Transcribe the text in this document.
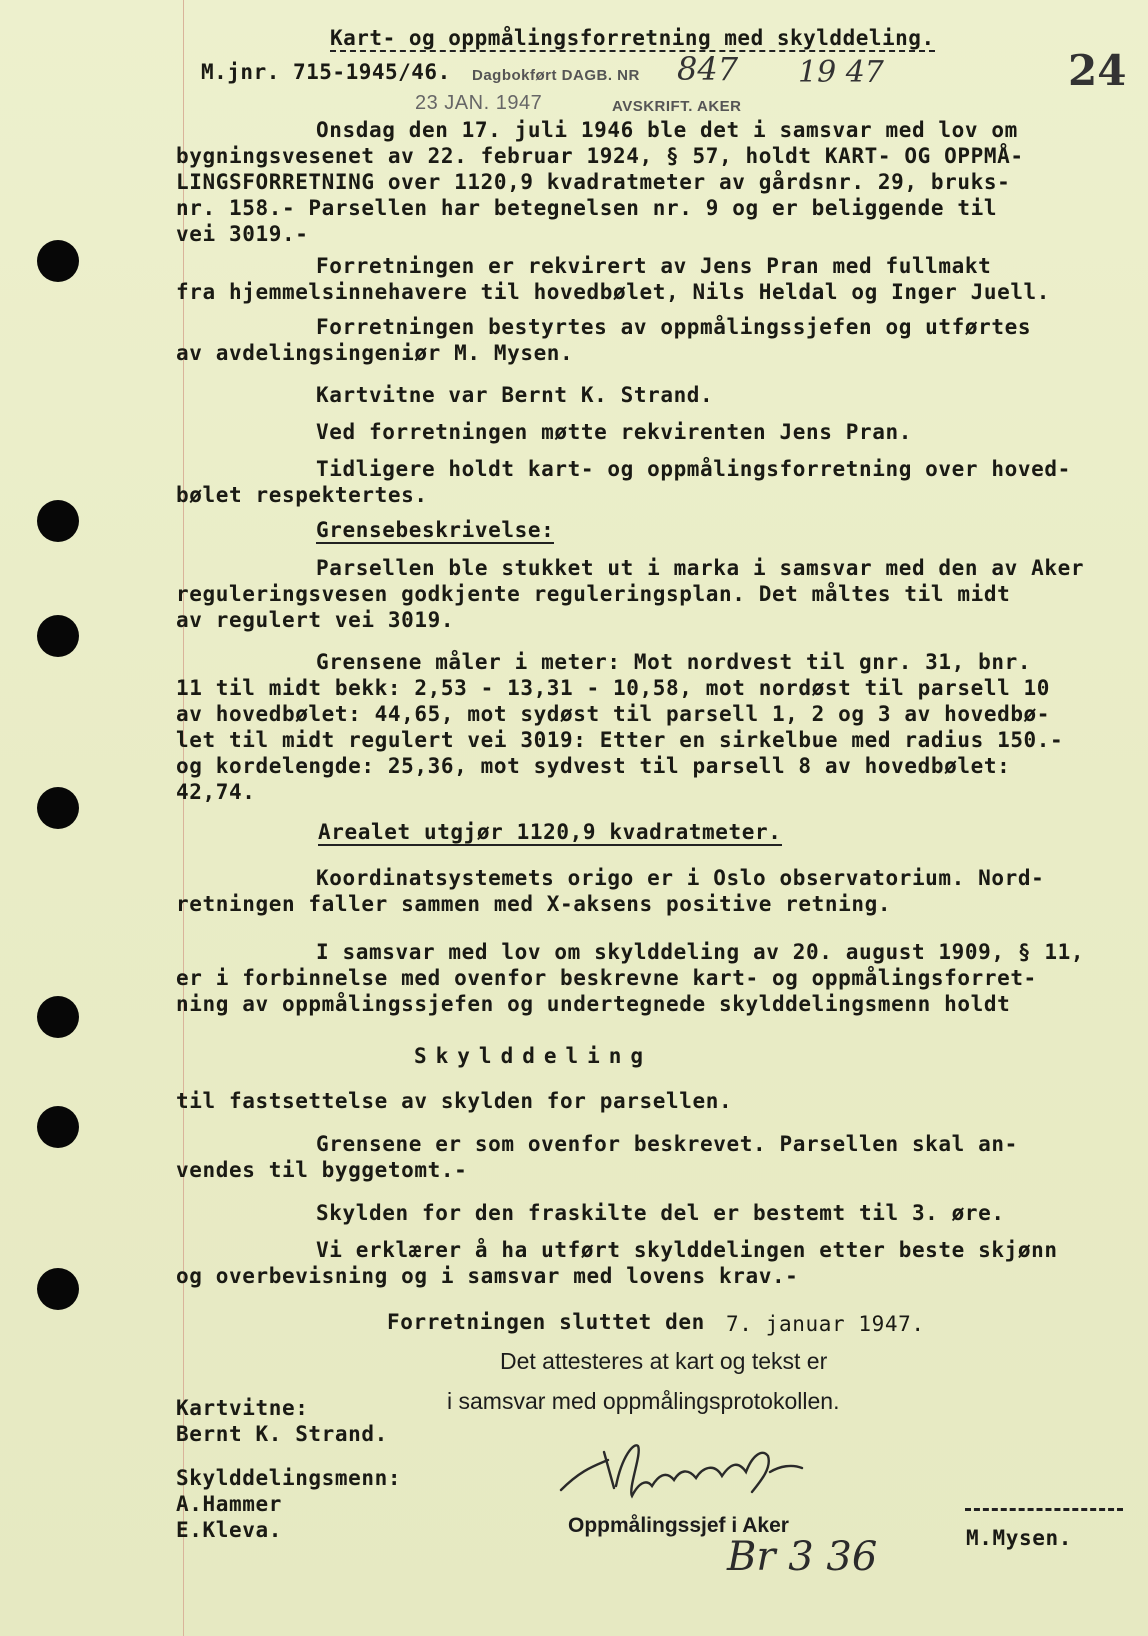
Kart- og oppmålingsforretning med skylddeling.
M.jnr. 715-1945/46.	24
Dagbokført DAGB. NR 847 19 47
23 JAN. 1947	AVSKRIFT. AKER
Onsdag den 17. juli 1946 ble det i samsvar med lov om
bygningsvesenet av 22. februar 1924, § 57, holdt KART- OG OPPMÅ-
LINGSFORRETNING over 1120,9 kvadratmeter av gårdsnr. 29, bruks-
nr. 158.- Parsellen har betegnelsen nr. 9 og er beliggende til
vei 3019.-
Forretningen er rekvirert av Jens Pran med fullmakt
fra hjemmelsinnehavere til hovedbølet, Nils Heldal og Inger Juell.
Forretningen bestyrtes av oppmålingssjefen og utførtes
av avdelingsingeniør M. Mysen.
Kartvitne var Bernt K. Strand.
Ved forretningen møtte rekvirenten Jens Pran.
Tidligere holdt kart- og oppmålingsforretning over hoved-
bølet respektertes.
Grensebeskrivelse:
Parsellen ble stukket ut i marka i samsvar med den av Aker
reguleringsvesen godkjente reguleringsplan. Det måltes til midt
av regulert vei 3019.
Grensene måler i meter: Mot nordvest til gnr. 31, bnr.
11 til midt bekk: 2,53 - 13,31 - 10,58, mot nordøst til parsell 10
av hovedbølet: 44,65, mot sydøst til parsell 1, 2 og 3 av hovedbø-
let til midt regulert vei 3019: Etter en sirkelbue med radius 150.-
og kordelengde: 25,36, mot sydvest til parsell 8 av hovedbølet:
42,74.
Arealet utgjør 1120,9 kvadratmeter.
Koordinatsystemets origo er i Oslo observatorium. Nord-
retningen faller sammen med X-aksens positive retning.
I samsvar med lov om skylddeling av 20. august 1909, § 11,
er i forbinnelse med ovenfor beskrevne kart- og oppmålingsforret-
ning av oppmålingssjefen og undertegnede skylddelingsmenn holdt
Skylddeling
til fastsettelse av skylden for parsellen.
Grensene er som ovenfor beskrevet. Parsellen skal an-
vendes til byggetomt.-
Skylden for den fraskilte del er bestemt til 3. øre.
Vi erklærer å ha utført skylddelingen etter beste skjønn
og overbevisning og i samsvar med lovens krav.-
Forretningen sluttet den 7. januar 1947.
Det attesteres at kart og tekst er
i samsvar med oppmålingsprotokollen.
Oppmålingssjef i Aker
Kartvitne:
Bernt K. Strand.
Skylddelingsmenn:
A.Hammer
E.Kleva.	M.Mysen.
Br 3 36
